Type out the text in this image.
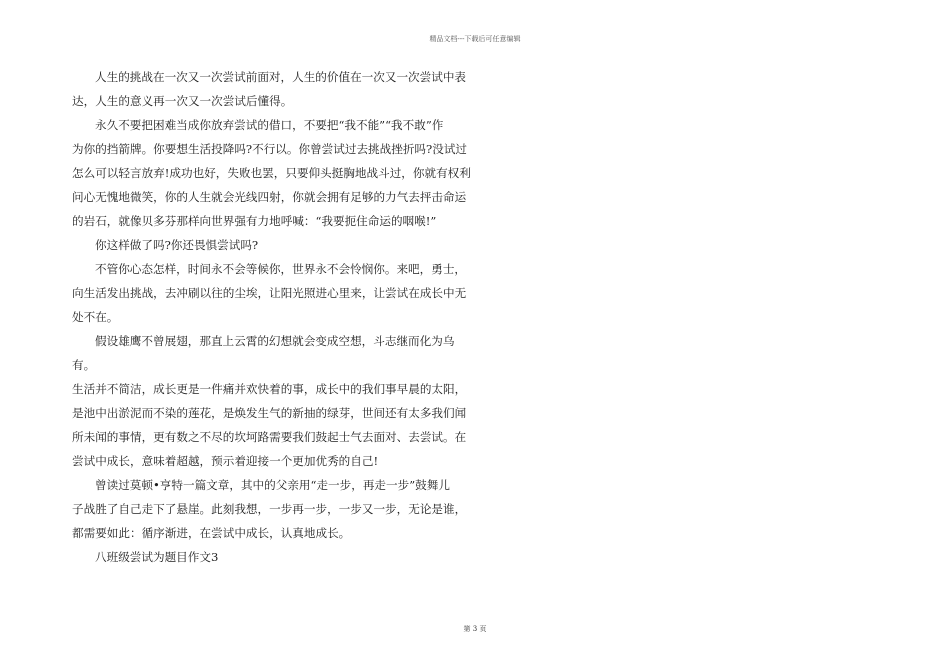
精品文档---下载后可任意编辑

人生的挑战在一次又一次尝试前面对，人生的价值在一次又一次尝试中表
达，人生的意义再一次又一次尝试后懂得。

永久不要把困难当成你放弃尝试的借口，不要把“我不能”“我不敢”作
为你的挡箭牌。你要想生活投降吗?不行以。你曾尝试过去挑战挫折吗?没试过
怎么可以轻言放弃!成功也好，失败也罢，只要仰头挺胸地战斗过，你就有权利
问心无愧地微笑，你的人生就会光线四射，你就会拥有足够的力气去抨击命运
的岩石，就像贝多芬那样向世界强有力地呼喊：“我要扼住命运的咽喉!”

你这样做了吗?你还畏惧尝试吗?

不管你心态怎样，时间永不会等候你，世界永不会怜悯你。来吧，勇士，
向生活发出挑战，去冲刷以往的尘埃，让阳光照进心里来，让尝试在成长中无
处不在。

假设雄鹰不曾展翅，那直上云霄的幻想就会变成空想，斗志继而化为乌有。
生活并不简洁，成长更是一件痛并欢快着的事，成长中的我们事早晨的太阳，
是池中出淤泥而不染的莲花，是焕发生气的新抽的绿芽，世间还有太多我们闻
所未闻的事情，更有数之不尽的坎坷路需要我们鼓起士气去面对、去尝试。在
尝试中成长，意味着超越，预示着迎接一个更加优秀的自己!

曾读过莫顿•亨特一篇文章，其中的父亲用“走一步，再走一步”鼓舞儿
子战胜了自己走下了悬崖。此刻我想，一步再一步，一步又一步，无论是谁，
都需要如此：循序渐进，在尝试中成长，认真地成长。

八班级尝试为题目作文3

第 3 页
